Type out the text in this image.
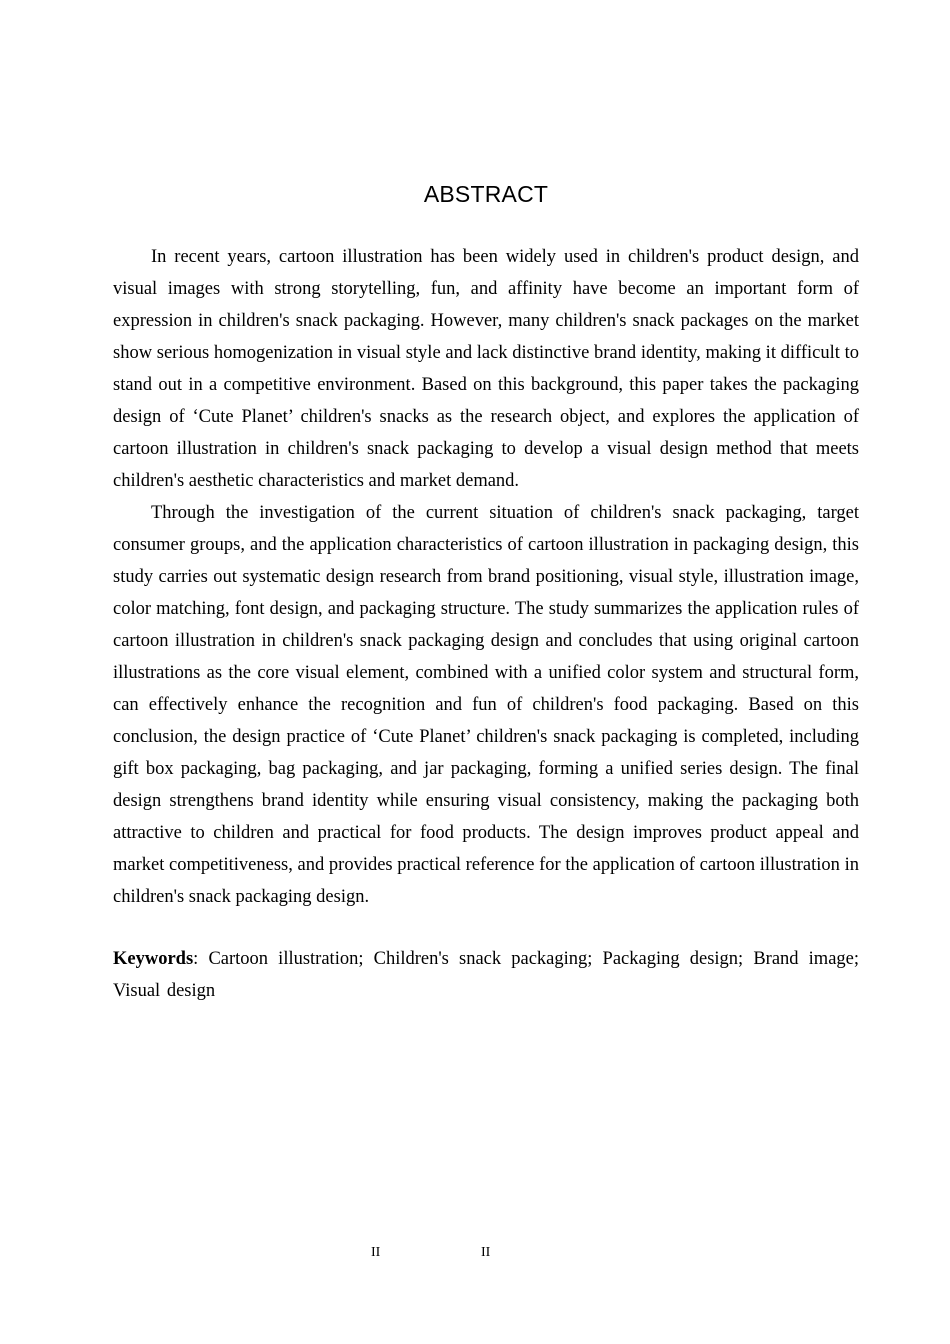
ABSTRACT

In recent years, cartoon illustration has been widely used in children's product design, and visual images with strong storytelling, fun, and affinity have become an important form of expression in children's snack packaging. However, many children's snack packages on the market show serious homogenization in visual style and lack distinctive brand identity, making it difficult to stand out in a competitive environment. Based on this background, this paper takes the packaging design of ‘Cute Planet’ children's snacks as the research object, and explores the application of cartoon illustration in children's snack packaging to develop a visual design method that meets children's aesthetic characteristics and market demand.

Through the investigation of the current situation of children's snack packaging, target consumer groups, and the application characteristics of cartoon illustration in packaging design, this study carries out systematic design research from brand positioning, visual style, illustration image, color matching, font design, and packaging structure. The study summarizes the application rules of cartoon illustration in children's snack packaging design and concludes that using original cartoon illustrations as the core visual element, combined with a unified color system and structural form, can effectively enhance the recognition and fun of children's food packaging. Based on this conclusion, the design practice of ‘Cute Planet’ children's snack packaging is completed, including gift box packaging, bag packaging, and jar packaging, forming a unified series design. The final design strengthens brand identity while ensuring visual consistency, making the packaging both attractive to children and practical for food products. The design improves product appeal and market competitiveness, and provides practical reference for the application of cartoon illustration in children's snack packaging design.

Keywords: Cartoon illustration; Children's snack packaging; Packaging design; Brand image; Visual design

II	II
